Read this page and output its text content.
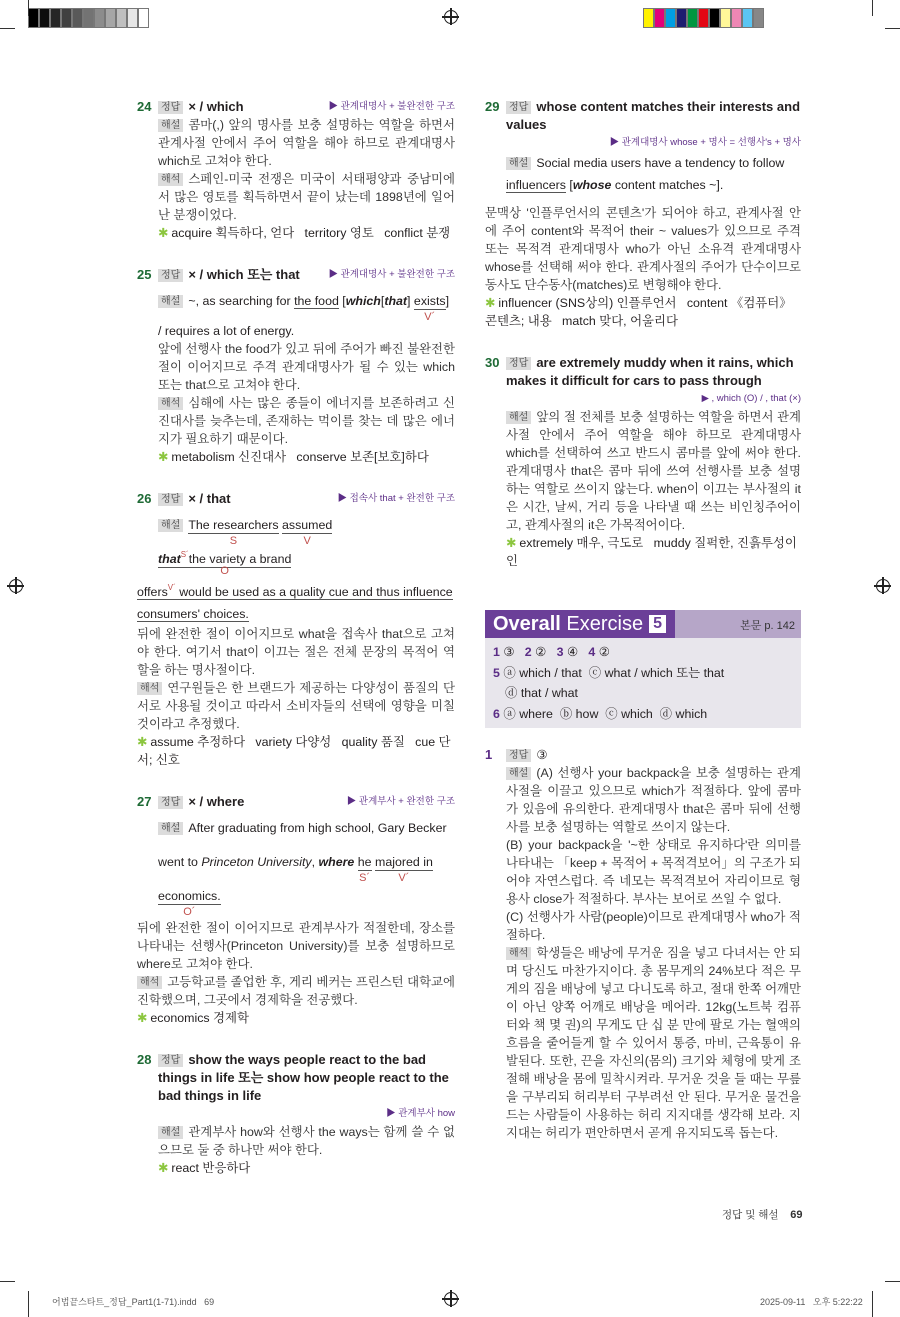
24	▶ 관계대명사 + 불완전한 구조
정답 × / which
해설 콤마(,) 앞의 명사를 보충 설명하는 역할을 하면서 관계사절 안에서 주어 역할을 해야 하므로 관계대명사 which로 고쳐야 한다.
해석 스페인-미국 전쟁은 미국이 서태평양과 중남미에서 많은 영토를 획득하면서 끝이 났는데 1898년에 일어난 분쟁이었다.
✱ acquire 획득하다, 얻다   territory 영토   conflict 분쟁
25	▶ 관계대명사 + 불완전한 구조
정답 × / which 또는 that
해설 ~, as searching for the food [which[that] exists
V´
]
/ requires a lot of energy.
앞에 선행사 the food가 있고 뒤에 주어가 빠진 불완전한 절이 이어지므로 주격 관계대명사가 될 수 있는 which 또는 that으로 고쳐야 한다.
해석 심해에 사는 많은 종들이 에너지를 보존하려고 신진대사를 늦추는데, 존재하는 먹이를 찾는 데 많은 에너지가 필요하기 때문이다.
✱ metabolism 신진대사   conserve 보존[보호]하다
26	▶ 접속사 that + 완전한 구조
정답 × / that
해설 The researchers
S
assumed
V
that$^{S´}$the variety a brand
O
offers$^{V´}$ would be used as a quality cue and thus influence
consumers' choices.
뒤에 완전한 절이 이어지므로 what을 접속사 that으로 고쳐야 한다. 여기서 that이 이끄는 절은 전체 문장의 목적어 역할을 하는 명사절이다.
해석 연구원들은 한 브랜드가 제공하는 다양성이 품질의 단서로 사용될 것이고 따라서 소비자들의 선택에 영향을 미칠 것이라고 추정했다.
✱ assume 추정하다   variety 다양성   quality 품질   cue 단서; 신호
27	▶ 관계부사 + 완전한 구조
정답 × / where
해설 After graduating from high school, Gary Becker went to Princeton University, where he
S´
majored in
V´
economics.
O´
뒤에 완전한 절이 이어지므로 관계부사가 적절한데, 장소를 나타내는 선행사(Princeton University)를 보충 설명하므로 where로 고쳐야 한다.
해석 고등학교를 졸업한 후, 게리 베커는 프린스턴 대학교에 진학했으며, 그곳에서 경제학을 전공했다.
✱ economics 경제학
28 정답 show the ways people react to the bad things in life 또는 show how people react to the bad things in life
▶ 관계부사 how
해설 관계부사 how와 선행사 the ways는 함께 쓸 수 없으므로 둘 중 하나만 써야 한다.
✱ react 반응하다
29 정답 whose content matches their interests and values
▶ 관계대명사 whose + 명사 = 선행사's + 명사
해설 Social media users have a tendency to follow influencers [whose content matches ~].
문맥상 '인플루언서의 콘텐츠'가 되어야 하고, 관계사절 안에 주어 content와 목적어 their ~ values가 있으므로 주격 또는 목적격 관계대명사 who가 아닌 소유격 관계대명사 whose를 선택해 써야 한다. 관계사절의 주어가 단수이므로 동사도 단수동사(matches)로 변형해야 한다.
✱ influencer (SNS상의) 인플루언서   content 《컴퓨터》 콘텐츠; 내용   match 맞다, 어울리다
30 정답 are extremely muddy when it rains, which makes it difficult for cars to pass through
▶ , which (O) / , that (×)
해설 앞의 절 전체를 보충 설명하는 역할을 하면서 관계사절 안에서 주어 역할을 해야 하므로 관계대명사 which를 선택하여 쓰고 반드시 콤마를 앞에 써야 한다. 관계대명사 that은 콤마 뒤에 쓰여 선행사를 보충 설명하는 역할로 쓰이지 않는다. when이 이끄는 부사절의 it은 시간, 날씨, 거리 등을 나타낼 때 쓰는 비인칭주어이고, 관계사절의 it은 가목적어이다.
✱ extremely 매우, 극도로   muddy 질퍽한, 진흙투성이인
Overall Exercise 5	본문 p. 142
1 ③ 2 ② 3 ④ 4 ②
5 ⓐ which / that  ⓒ what / which 또는 that
ⓓ that / what
6 ⓐ where  ⓑ how  ⓒ which  ⓓ which
1	정답 ③
해설 (A) 선행사 your backpack을 보충 설명하는 관계사절을 이끌고 있으므로 which가 적절하다. 앞에 콤마가 있음에 유의한다. 관계대명사 that은 콤마 뒤에 선행사를 보충 설명하는 역할로 쓰이지 않는다.
(B) your backpack을 '~한 상태로 유지하다'란 의미를 나타내는 「keep + 목적어 + 목적격보어」의 구조가 되어야 자연스럽다. 즉 네모는 목적격보어 자리이므로 형용사 close가 적절하다. 부사는 보어로 쓰일 수 없다.
(C) 선행사가 사람(people)이므로 관계대명사 who가 적절하다.
해석 학생들은 배낭에 무거운 짐을 넣고 다녀서는 안 되며 당신도 마찬가지이다. 총 몸무게의 24%보다 적은 무게의 짐을 배낭에 넣고 다니도록 하고, 절대 한쪽 어깨만이 아닌 양쪽 어깨로 배낭을 메어라. 12kg(노트북 컴퓨터와 책 몇 권)의 무게도 단 십 분 만에 팔로 가는 혈액의 흐름을 줄어들게 할 수 있어서 통증, 마비, 근육통이 유발된다. 또한, 끈을 자신의(몸의) 크기와 체형에 맞게 조절해 배낭을 몸에 밀착시켜라. 무거운 것을 들 때는 무릎을 구부리되 허리부터 구부려선 안 된다. 무거운 물건을 드는 사람들이 사용하는 허리 지지대를 생각해 보라. 지지대는 허리가 편안하면서 곧게 유지되도록 돕는다.
정답 및 해설 69
어법끝스타트_정답_Part1(1-71).indd   69	2025-09-11   오후 5:22:22
